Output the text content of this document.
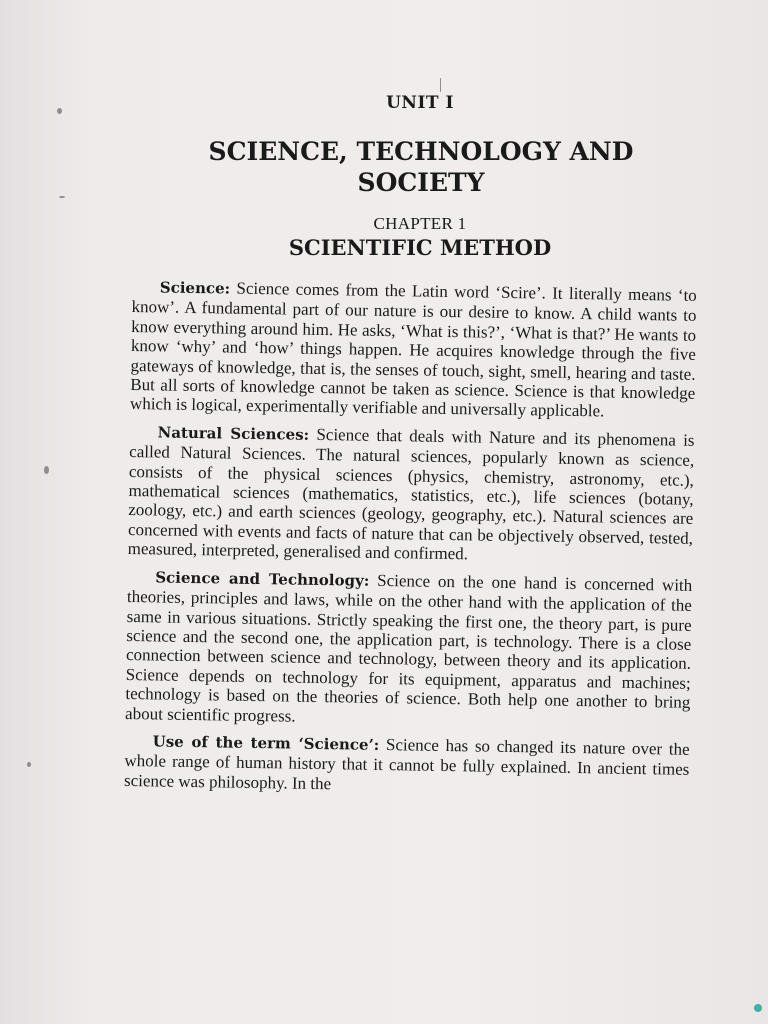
UNIT I
SCIENCE, TECHNOLOGY AND
SOCIETY
CHAPTER 1
SCIENTIFIC METHOD

Science: Science comes from the Latin word ‘Scire’. It literally means ‘to know’. A fundamental part of our nature is our desire to know. A child wants to know everything around him. He asks, ‘What is this?’, ‘What is that?’ He wants to know ‘why’ and ‘how’ things happen. He acquires knowledge through the five gateways of knowledge, that is, the senses of touch, sight, smell, hearing and taste. But all sorts of knowledge cannot be taken as science. Science is that knowledge which is logical, experimentally verifiable and universally applicable.

Natural Sciences: Science that deals with Nature and its phenomena is called Natural Sciences. The natural sciences, popularly known as science, consists of the physical sciences (physics, chemistry, astronomy, etc.), mathematical sciences (mathematics, statistics, etc.), life sciences (botany, zoology, etc.) and earth sciences (geology, geography, etc.). Natural sciences are concerned with events and facts of nature that can be objectively observed, tested, measured, interpreted, generalised and confirmed.

Science and Technology: Science on the one hand is concerned with theories, principles and laws, while on the other hand with the application of the same in various situations. Strictly speaking the first one, the theory part, is pure science and the second one, the application part, is technology. There is a close connection between science and technology, between theory and its application. Science depends on technology for its equipment, apparatus and machines; technology is based on the theories of science. Both help one another to bring about scientific progress.

Use of the term ‘Science’: Science has so changed its nature over the whole range of human history that it cannot be fully explained. In ancient times science was philosophy. In the
